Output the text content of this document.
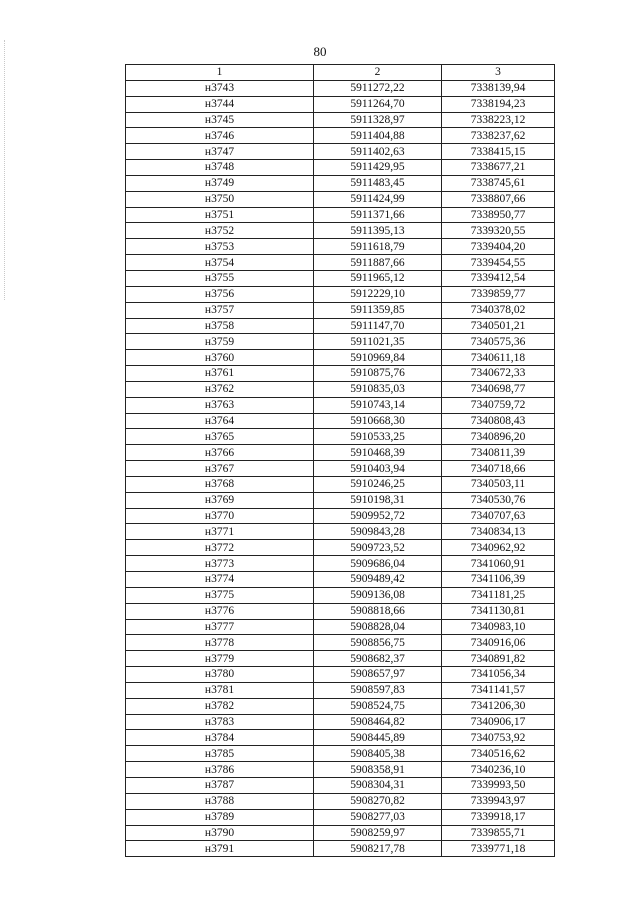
80
1	2	3
н3743	5911272,22	7338139,94
н3744	5911264,70	7338194,23
н3745	5911328,97	7338223,12
н3746	5911404,88	7338237,62
н3747	5911402,63	7338415,15
н3748	5911429,95	7338677,21
н3749	5911483,45	7338745,61
н3750	5911424,99	7338807,66
н3751	5911371,66	7338950,77
н3752	5911395,13	7339320,55
н3753	5911618,79	7339404,20
н3754	5911887,66	7339454,55
н3755	5911965,12	7339412,54
н3756	5912229,10	7339859,77
н3757	5911359,85	7340378,02
н3758	5911147,70	7340501,21
н3759	5911021,35	7340575,36
н3760	5910969,84	7340611,18
н3761	5910875,76	7340672,33
н3762	5910835,03	7340698,77
н3763	5910743,14	7340759,72
н3764	5910668,30	7340808,43
н3765	5910533,25	7340896,20
н3766	5910468,39	7340811,39
н3767	5910403,94	7340718,66
н3768	5910246,25	7340503,11
н3769	5910198,31	7340530,76
н3770	5909952,72	7340707,63
н3771	5909843,28	7340834,13
н3772	5909723,52	7340962,92
н3773	5909686,04	7341060,91
н3774	5909489,42	7341106,39
н3775	5909136,08	7341181,25
н3776	5908818,66	7341130,81
н3777	5908828,04	7340983,10
н3778	5908856,75	7340916,06
н3779	5908682,37	7340891,82
н3780	5908657,97	7341056,34
н3781	5908597,83	7341141,57
н3782	5908524,75	7341206,30
н3783	5908464,82	7340906,17
н3784	5908445,89	7340753,92
н3785	5908405,38	7340516,62
н3786	5908358,91	7340236,10
н3787	5908304,31	7339993,50
н3788	5908270,82	7339943,97
н3789	5908277,03	7339918,17
н3790	5908259,97	7339855,71
н3791	5908217,78	7339771,18
